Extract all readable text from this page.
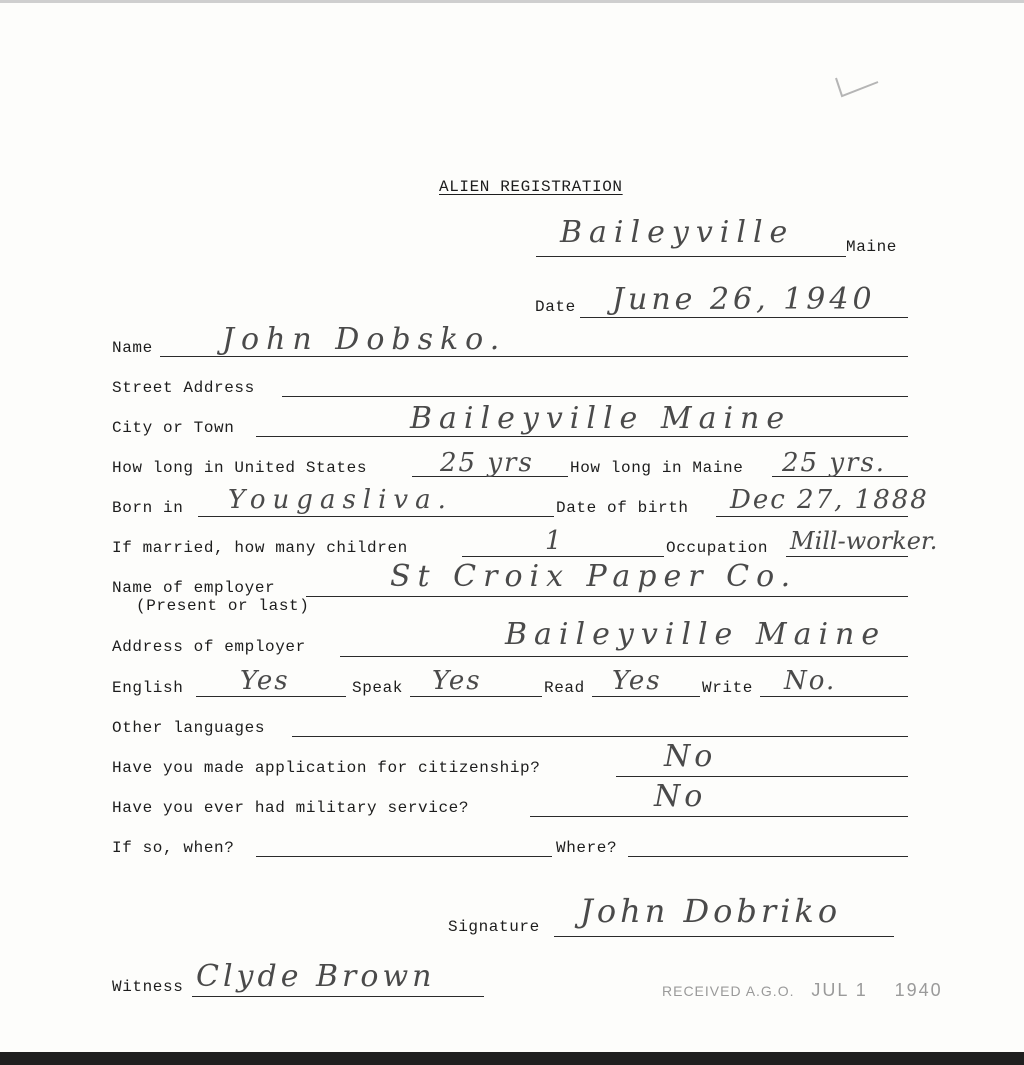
ALIEN REGISTRATION
Baileyville	Maine
Date June 26, 1940
Name John Dobsko.
Street Address
City or Town	Baileyville Maine
How long in United States	25 yrs How long in Maine 25 yrs.
Born in Yougasliva.	Date of birth Dec 27, 1888
If married, how many children	1	Occupation Mill-worker.
Name of employer
(Present or last)
St Croix Paper Co.
Address of employer	Baileyville Maine
English Yes	Speak Yes	Read Yes	Write No.
Other languages
Have you made application for citizenship?	No
Have you ever had military service?	No
If so, when?	Where?
Signature John Dobriko
Witness Clyde Brown	RECEIVED A.G.O. JUL 1 1940
